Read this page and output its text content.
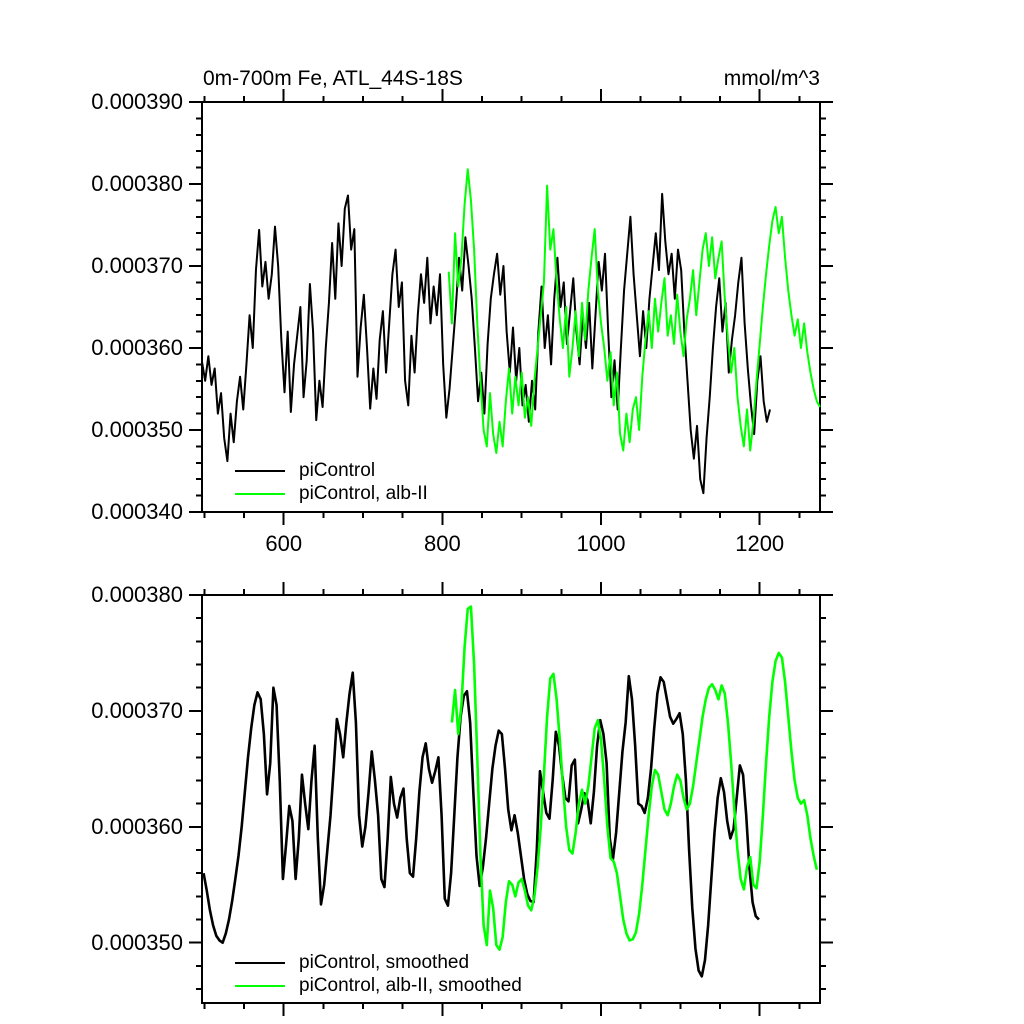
0m-700m Fe, ATL_44S-18S	mmol/m^3
600	800	1000	1200
0.000340
0.000350
0.000360
0.000370
0.000380
0.000390
0.000350
0.000360
0.000370
0.000380
piControl
piControl, alb-II
piControl, smoothed
piControl, alb-II, smoothed
